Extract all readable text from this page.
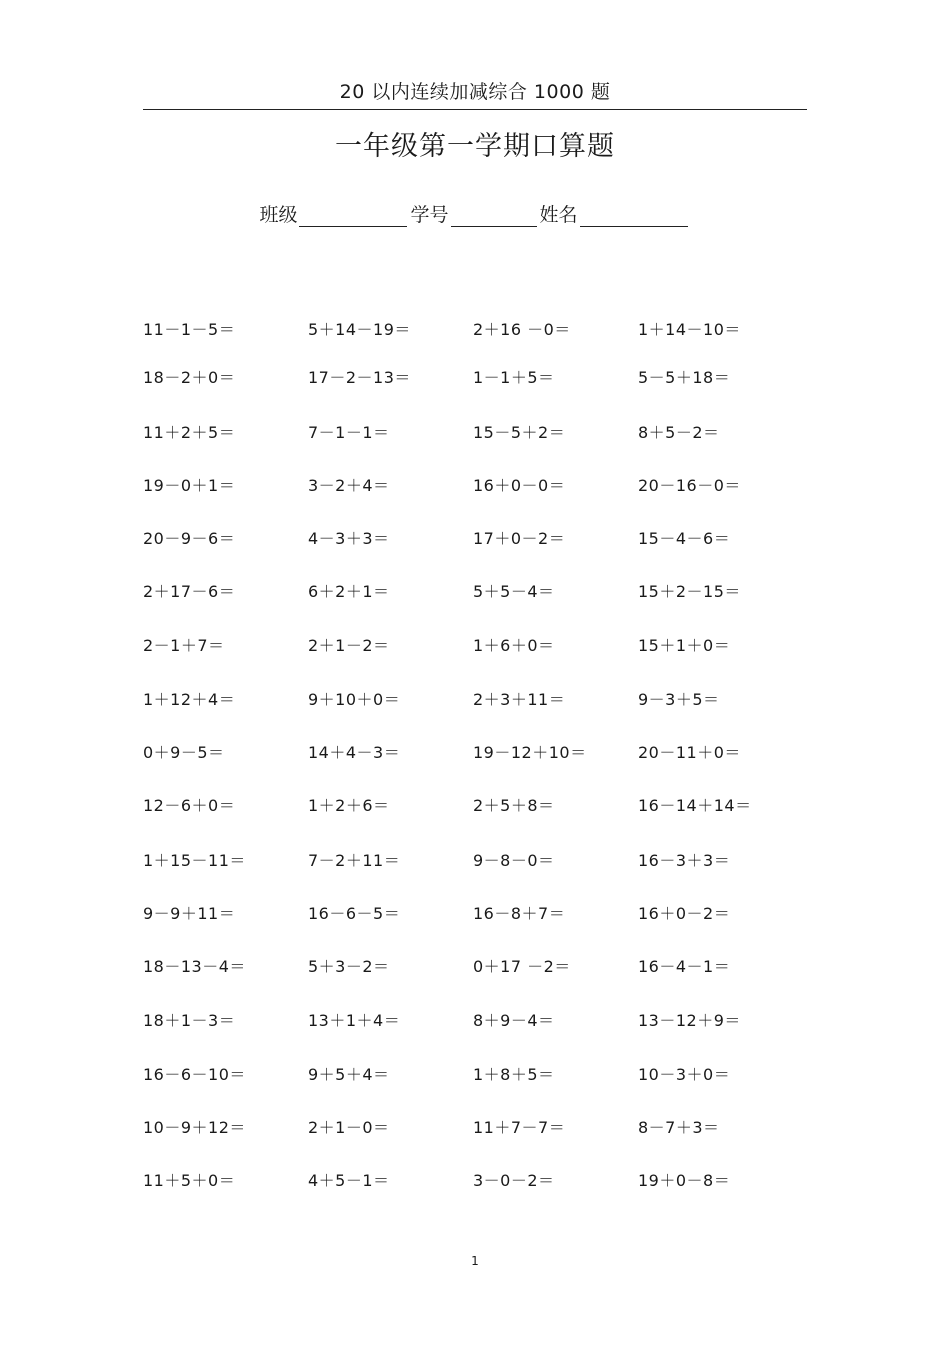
20 以内连续加减综合 1000 题
一年级第一学期口算题
班级	学号	姓名
11－1－5＝	5＋14－19＝	2＋16 －0＝	1＋14－10＝
18－2＋0＝	17－2－13＝	1－1＋5＝	5－5＋18＝
11＋2＋5＝	7－1－1＝	15－5＋2＝	8＋5－2＝
19－0＋1＝	3－2＋4＝	16＋0－0＝	20－16－0＝
20－9－6＝	4－3＋3＝	17＋0－2＝	15－4－6＝
2＋17－6＝	6＋2＋1＝	5＋5－4＝	15＋2－15＝
2－1＋7＝	2＋1－2＝	1＋6＋0＝	15＋1＋0＝
1＋12＋4＝	9＋10＋0＝	2＋3＋11＝	9－3＋5＝
0＋9－5＝	14＋4－3＝	19－12＋10＝	20－11＋0＝
12－6＋0＝	1＋2＋6＝	2＋5＋8＝	16－14＋14＝
1＋15－11＝	7－2＋11＝	9－8－0＝	16－3＋3＝
9－9＋11＝	16－6－5＝	16－8＋7＝	16＋0－2＝
18－13－4＝	5＋3－2＝	0＋17 －2＝	16－4－1＝
18＋1－3＝	13＋1＋4＝	8＋9－4＝	13－12＋9＝
16－6－10＝	9＋5＋4＝	1＋8＋5＝	10－3＋0＝
10－9＋12＝	2＋1－0＝	11＋7－7＝	8－7＋3＝
11＋5＋0＝	4＋5－1＝	3－0－2＝	19＋0－8＝
1
